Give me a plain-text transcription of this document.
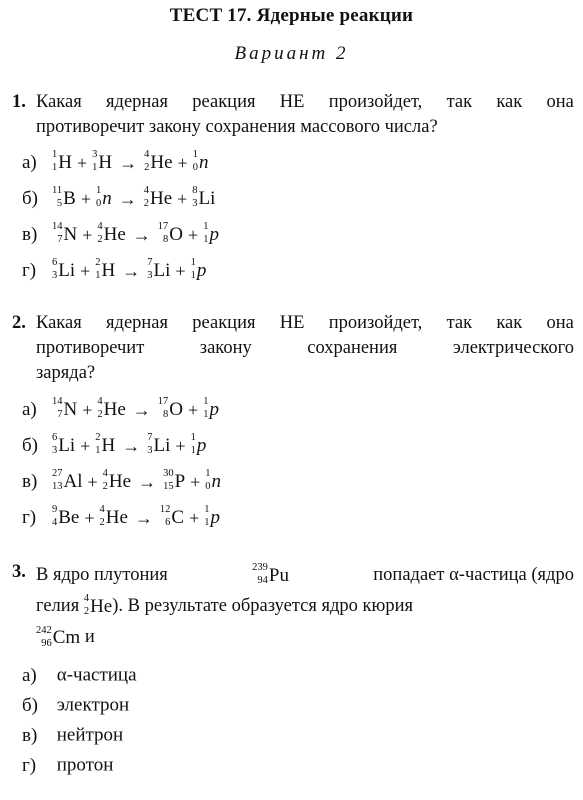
ТЕСТ 17. Ядерные реакции
Вариант 2
1. Какая ядерная реакция НЕ произойдет, так как она
противоречит закону сохранения массового числа?
а) 1
1 H + 3
1 H → 4
2 He + 1
0 n
б) 11
5 B + 1
0 n → 4
2 He + 8
3 Li
в) 14
7 N + 4
2 He → 17
8 O + 1
1 p
г) 6
3 Li + 2
1 H → 7
3 Li + 1
1 p
2. Какая ядерная реакция НЕ произойдет, так как она
противоречит	закону	сохранения	электрического
заряда?
а) 14
7 N + 4
2 He → 17
8 O + 1
1 p
б) 6
3 Li + 2
1 H → 7
3 Li + 1
1 p
в) 27
13 Al + 4
2 He → 30
15 P + 1
0 n
г) 9
4 Be + 4
2 He → 12
6 C + 1
1 p
3. В ядро плутония	239
94 Pu	попадает α-частица (ядро
гелия 4
2 He). В результате образуется ядро кюрия
242
96 Cm и
а) α-частица
б) электрон
в) нейтрон
г) протон
